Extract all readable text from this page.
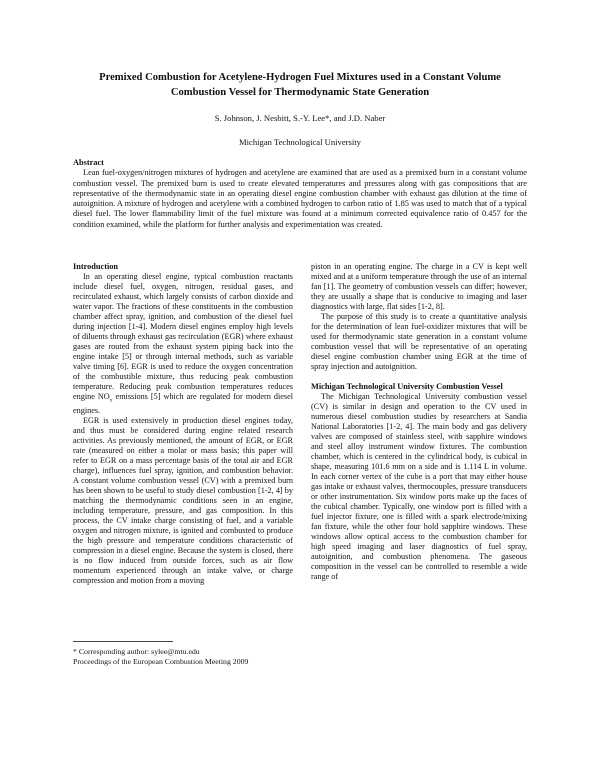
Premixed Combustion for Acetylene-Hydrogen Fuel Mixtures used in a Constant Volume
Combustion Vessel for Thermodynamic State Generation
S. Johnson, J. Nesbitt, S.-Y. Lee*, and J.D. Naber
Michigan Technological University
Abstract

Lean fuel-oxygen/nitrogen mixtures of hydrogen and acetylene are examined that are used as a premixed burn in a constant volume combustion vessel. The premixed burn is used to create elevated temperatures and pressures along with gas compositions that are representative of the thermodynamic state in an operating diesel engine combustion chamber with exhaust gas dilution at the time of autoignition. A mixture of hydrogen and acetylene with a combined hydrogen to carbon ratio of 1.85 was used to match that of a typical diesel fuel. The lower flammability limit of the fuel mixture was found at a minimum corrected equivalence ratio of 0.457 for the condition examined, while the platform for further analysis and experimentation was created.

Introduction

In an operating diesel engine, typical combustion reactants include diesel fuel, oxygen, nitrogen, residual gases, and recirculated exhaust, which largely consists of carbon dioxide and water vapor. The fractions of these constituents in the combustion chamber affect spray, ignition, and combustion of the diesel fuel during injection [1-4]. Modern diesel engines employ high levels of diluents through exhaust gas recirculation (EGR) where exhaust gases are routed from the exhaust system piping back into the engine intake [5] or through internal methods, such as variable valve timing [6]. EGR is used to reduce the oxygen concentration of the combustible mixture, thus reducing peak combustion temperature. Reducing peak combustion temperatures reduces engine $NO_x$ emissions [5] which are regulated for modern diesel engines.

EGR is used extensively in production diesel engines today, and thus must be considered during engine related research activities. As previously mentioned, the amount of EGR, or EGR rate (measured on either a molar or mass basis; this paper will refer to EGR on a mass percentage basis of the total air and EGR charge), influences fuel spray, ignition, and combustion behavior. A constant volume combustion vessel (CV) with a premixed burn has been shown to be useful to study diesel combustion [1-2, 4] by matching the thermodynamic conditions seen in an engine, including temperature, pressure, and gas composition. In this process, the CV intake charge consisting of fuel, and a variable oxygen and nitrogen mixture, is ignited and combusted to produce the high pressure and temperature conditions characteristic of compression in a diesel engine. Because the system is closed, there is no flow induced from outside forces, such as air flow momentum experienced through an intake valve, or charge compression and motion from a moving

piston in an operating engine. The charge in a CV is kept well mixed and at a uniform temperature through the use of an internal fan [1]. The geometry of combustion vessels can differ; however, they are usually a shape that is conducive to imaging and laser diagnostics with large, flat sides [1-2, 8].

The purpose of this study is to create a quantitative analysis for the determination of lean fuel-oxidizer mixtures that will be used for thermodynamic state generation in a constant volume combustion vessel that will be representative of an operating diesel engine combustion chamber using EGR at the time of spray injection and autoignition.

Michigan Technological University Combustion Vessel

The Michigan Technological University combustion vessel (CV) is similar in design and operation to the CV used in numerous diesel combustion studies by researchers at Sandia National Laboratories [1-2, 4]. The main body and gas delivery valves are composed of stainless steel, with sapphire windows and steel alloy instrument window fixtures. The combustion chamber, which is centered in the cylindrical body, is cubical in shape, measuring 101.6 mm on a side and is 1.114 L in volume. In each corner vertex of the cube is a port that may either house gas intake or exhaust valves, thermocouples, pressure transducers or other instrumentation. Six window ports make up the faces of the cubical chamber. Typically, one window port is filled with a fuel injector fixture, one is filled with a spark electrode/mixing fan fixture, while the other four hold sapphire windows. These windows allow optical access to the combustion chamber for high speed imaging and laser diagnostics of fuel spray, autoignition, and combustion phenomena. The gaseous composition in the vessel can be controlled to resemble a wide range of

* Corresponding author: sylee@mtu.edu
Proceedings of the European Combustion Meeting 2009
